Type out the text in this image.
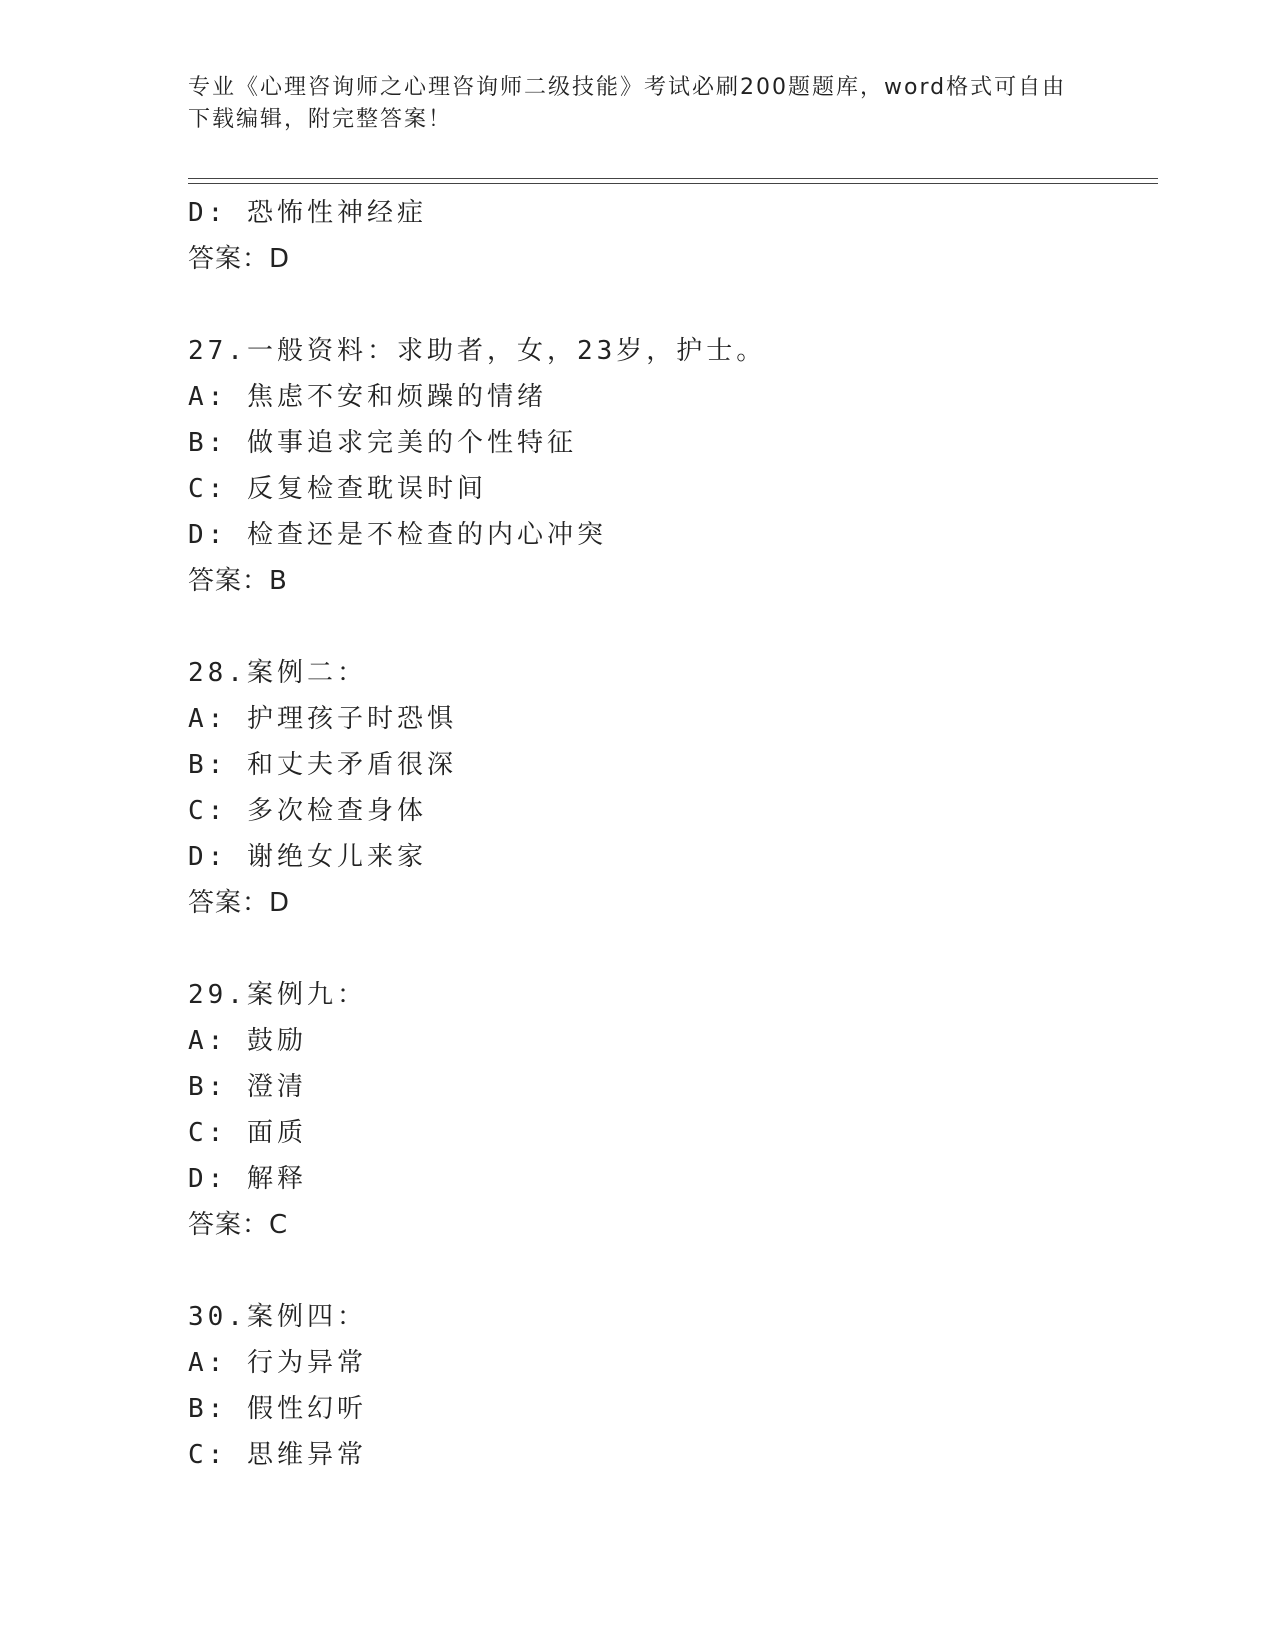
专业《心理咨询师之心理咨询师二级技能》考试必刷200题题库，word格式可自由下载编辑，附完整答案！
D: 恐怖性神经症
答案：D
27.一般资料：求助者，女，23岁，护士。
A: 焦虑不安和烦躁的情绪
B: 做事追求完美的个性特征
C: 反复检查耽误时间
D: 检查还是不检查的内心冲突
答案：B
28.案例二：
A: 护理孩子时恐惧
B: 和丈夫矛盾很深
C: 多次检查身体
D: 谢绝女儿来家
答案：D
29.案例九：
A: 鼓励
B: 澄清
C: 面质
D: 解释
答案：C
30.案例四：
A: 行为异常
B: 假性幻听
C: 思维异常
